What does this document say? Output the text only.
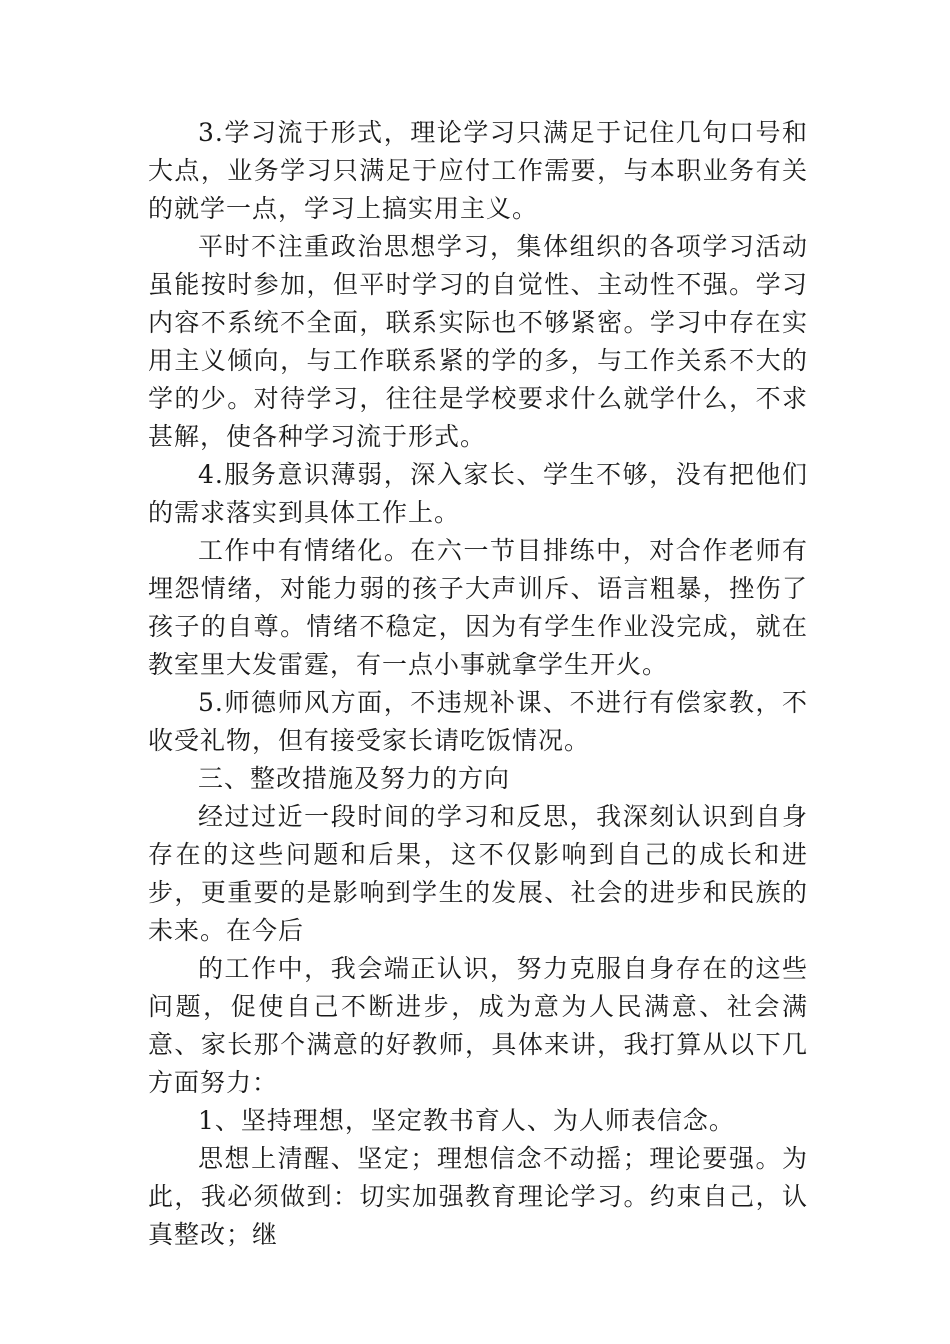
3.学习流于形式，理论学习只满足于记住几句口号和大点，业务学习只满足于应付工作需要，与本职业务有关的就学一点，学习上搞实用主义。

平时不注重政治思想学习，集体组织的各项学习活动虽能按时参加，但平时学习的自觉性、主动性不强。学习内容不系统不全面，联系实际也不够紧密。学习中存在实用主义倾向，与工作联系紧的学的多，与工作关系不大的学的少。对待学习，往往是学校要求什么就学什么，不求甚解，使各种学习流于形式。

4.服务意识薄弱，深入家长、学生不够，没有把他们的需求落实到具体工作上。

工作中有情绪化。在六一节目排练中，对合作老师有埋怨情绪，对能力弱的孩子大声训斥、语言粗暴，挫伤了孩子的自尊。情绪不稳定，因为有学生作业没完成，就在教室里大发雷霆，有一点小事就拿学生开火。

5.师德师风方面，不违规补课、不进行有偿家教，不收受礼物，但有接受家长请吃饭情况。

三、整改措施及努力的方向

经过过近一段时间的学习和反思，我深刻认识到自身存在的这些问题和后果，这不仅影响到自己的成长和进步，更重要的是影响到学生的发展、社会的进步和民族的未来。在今后

的工作中，我会端正认识，努力克服自身存在的这些问题，促使自己不断进步，成为意为人民满意、社会满意、家长那个满意的好教师，具体来讲，我打算从以下几方面努力：

1、坚持理想，坚定教书育人、为人师表信念。

思想上清醒、坚定；理想信念不动摇；理论要强。为此，我必须做到：切实加强教育理论学习。约束自己，认真整改；继
